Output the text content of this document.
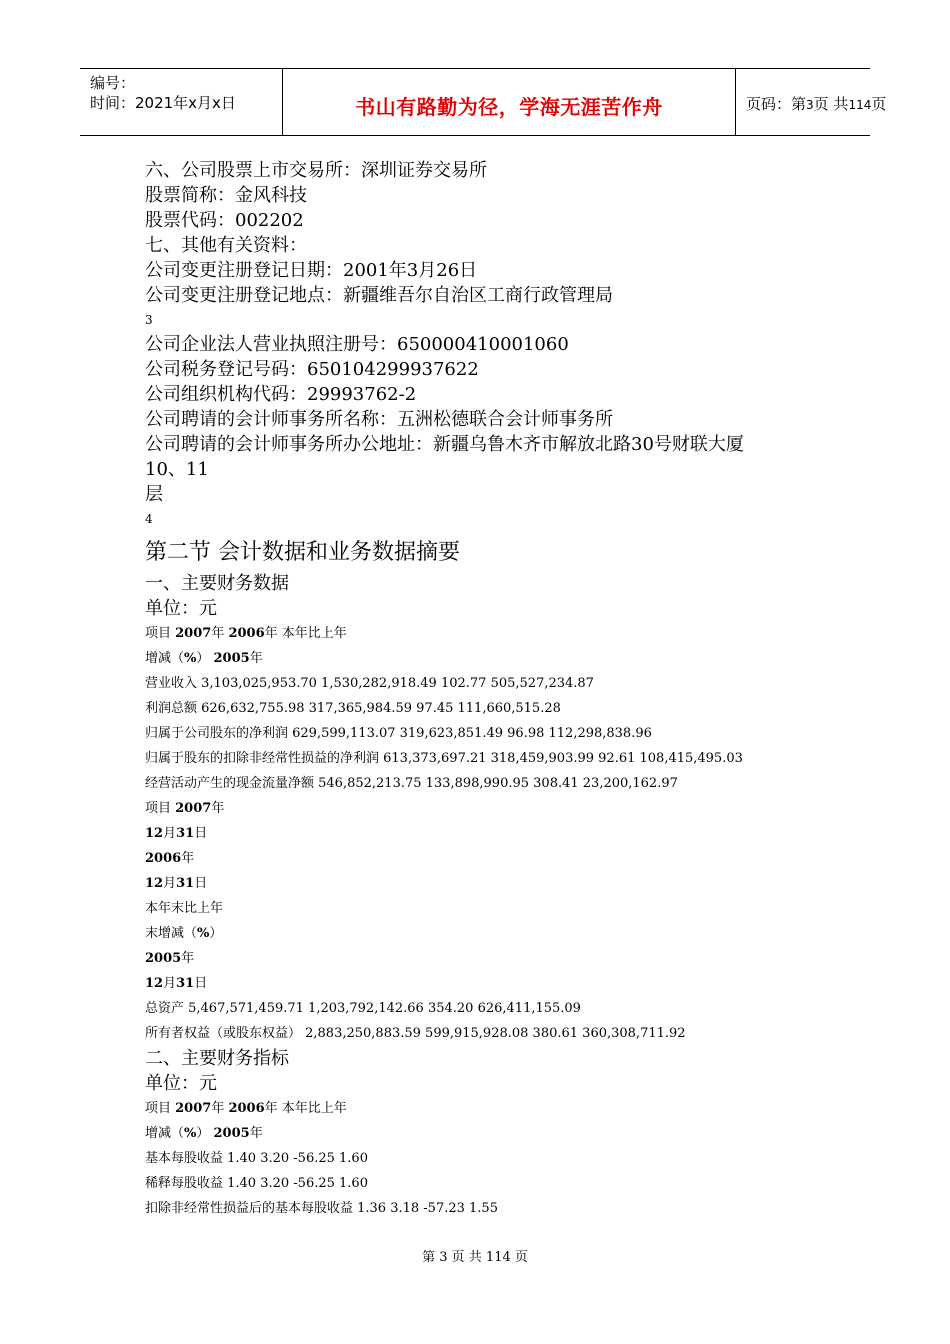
编号：
时间：2021年x月x日	书山有路勤为径，学海无涯苦作舟	页码：第3页 共114页
六、公司股票上市交易所：深圳证券交易所
股票简称：金风科技
股票代码：002202
七、其他有关资料：
公司变更注册登记日期：2001年3月26日
公司变更注册登记地点：新疆维吾尔自治区工商行政管理局
3
公司企业法人营业执照注册号：650000410001060
公司税务登记号码：650104299937622
公司组织机构代码：29993762-2
公司聘请的会计师事务所名称：五洲松德联合会计师事务所
公司聘请的会计师事务所办公地址：新疆乌鲁木齐市解放北路30号财联大厦
10、11
层
4
第二节 会计数据和业务数据摘要
一、主要财务数据
单位：元
项目 2007年 2006年 本年比上年
增减（%） 2005年
营业收入 3,103,025,953.70 1,530,282,918.49 102.77 505,527,234.87
利润总额 626,632,755.98 317,365,984.59 97.45 111,660,515.28
归属于公司股东的净利润 629,599,113.07 319,623,851.49 96.98 112,298,838.96
归属于股东的扣除非经常性损益的净利润 613,373,697.21 318,459,903.99 92.61 108,415,495.03
经营活动产生的现金流量净额 546,852,213.75 133,898,990.95 308.41 23,200,162.97
项目 2007年
12月31日
2006年
12月31日
本年末比上年
末增减（%）
2005年
12月31日
总资产 5,467,571,459.71 1,203,792,142.66 354.20 626,411,155.09
所有者权益（或股东权益） 2,883,250,883.59 599,915,928.08 380.61 360,308,711.92
二、主要财务指标
单位：元
项目 2007年 2006年 本年比上年
增减（%） 2005年
基本每股收益 1.40 3.20 -56.25 1.60
稀释每股收益 1.40 3.20 -56.25 1.60
扣除非经常性损益后的基本每股收益 1.36 3.18 -57.23 1.55
第 3 页 共 114 页
